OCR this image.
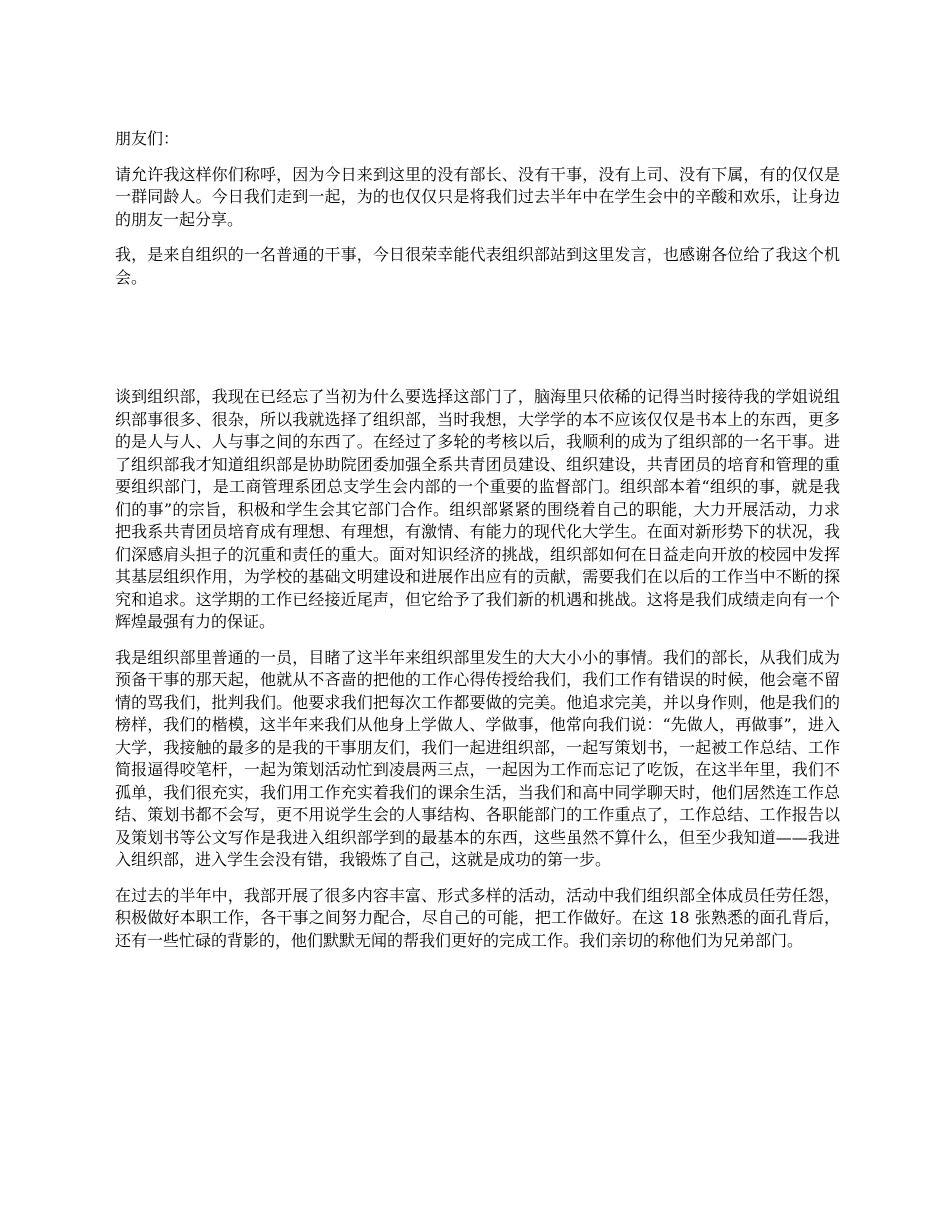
朋友们：

请允许我这样你们称呼，因为今日来到这里的没有部长、没有干事，没有上司、没有下属，有的仅仅是一群同龄人。今日我们走到一起，为的也仅仅只是将我们过去半年中在学生会中的辛酸和欢乐，让身边的朋友一起分享。

我，是来自组织的一名普通的干事，今日很荣幸能代表组织部站到这里发言，也感谢各位给了我这个机会。

谈到组织部，我现在已经忘了当初为什么要选择这部门了，脑海里只依稀的记得当时接待我的学姐说组织部事很多、很杂，所以我就选择了组织部，当时我想，大学学的本不应该仅仅是书本上的东西，更多的是人与人、人与事之间的东西了。在经过了多轮的考核以后，我顺利的成为了组织部的一名干事。进了组织部我才知道组织部是协助院团委加强全系共青团员建设、组织建设，共青团员的培育和管理的重要组织部门，是工商管理系团总支学生会内部的一个重要的监督部门。组织部本着“组织的事，就是我们的事”的宗旨，积极和学生会其它部门合作。组织部紧紧的围绕着自己的职能，大力开展活动，力求把我系共青团员培育成有理想、有理想，有激情、有能力的现代化大学生。在面对新形势下的状况，我们深感肩头担子的沉重和责任的重大。面对知识经济的挑战，组织部如何在日益走向开放的校园中发挥其基层组织作用，为学校的基础文明建设和进展作出应有的贡献，需要我们在以后的工作当中不断的探究和追求。这学期的工作已经接近尾声，但它给予了我们新的机遇和挑战。这将是我们成绩走向有一个辉煌最强有力的保证。

我是组织部里普通的一员，目睹了这半年来组织部里发生的大大小小的事情。我们的部长，从我们成为预备干事的那天起，他就从不吝啬的把他的工作心得传授给我们，我们工作有错误的时候，他会毫不留情的骂我们，批判我们。他要求我们把每次工作都要做的完美。他追求完美，并以身作则，他是我们的榜样，我们的楷模，这半年来我们从他身上学做人、学做事，他常向我们说：“先做人，再做事”，进入大学，我接触的最多的是我的干事朋友们，我们一起进组织部，一起写策划书，一起被工作总结、工作简报逼得咬笔杆，一起为策划活动忙到凌晨两三点，一起因为工作而忘记了吃饭，在这半年里，我们不孤单，我们很充实，我们用工作充实着我们的课余生活，当我们和高中同学聊天时，他们居然连工作总结、策划书都不会写，更不用说学生会的人事结构、各职能部门的工作重点了，工作总结、工作报告以及策划书等公文写作是我进入组织部学到的最基本的东西，这些虽然不算什么，但至少我知道——我进入组织部，进入学生会没有错，我锻炼了自己，这就是成功的第一步。

在过去的半年中，我部开展了很多内容丰富、形式多样的活动，活动中我们组织部全体成员任劳任怨，积极做好本职工作，各干事之间努力配合，尽自己的可能，把工作做好。在这 18 张熟悉的面孔背后，还有一些忙碌的背影的，他们默默无闻的帮我们更好的完成工作。我们亲切的称他们为兄弟部门。
